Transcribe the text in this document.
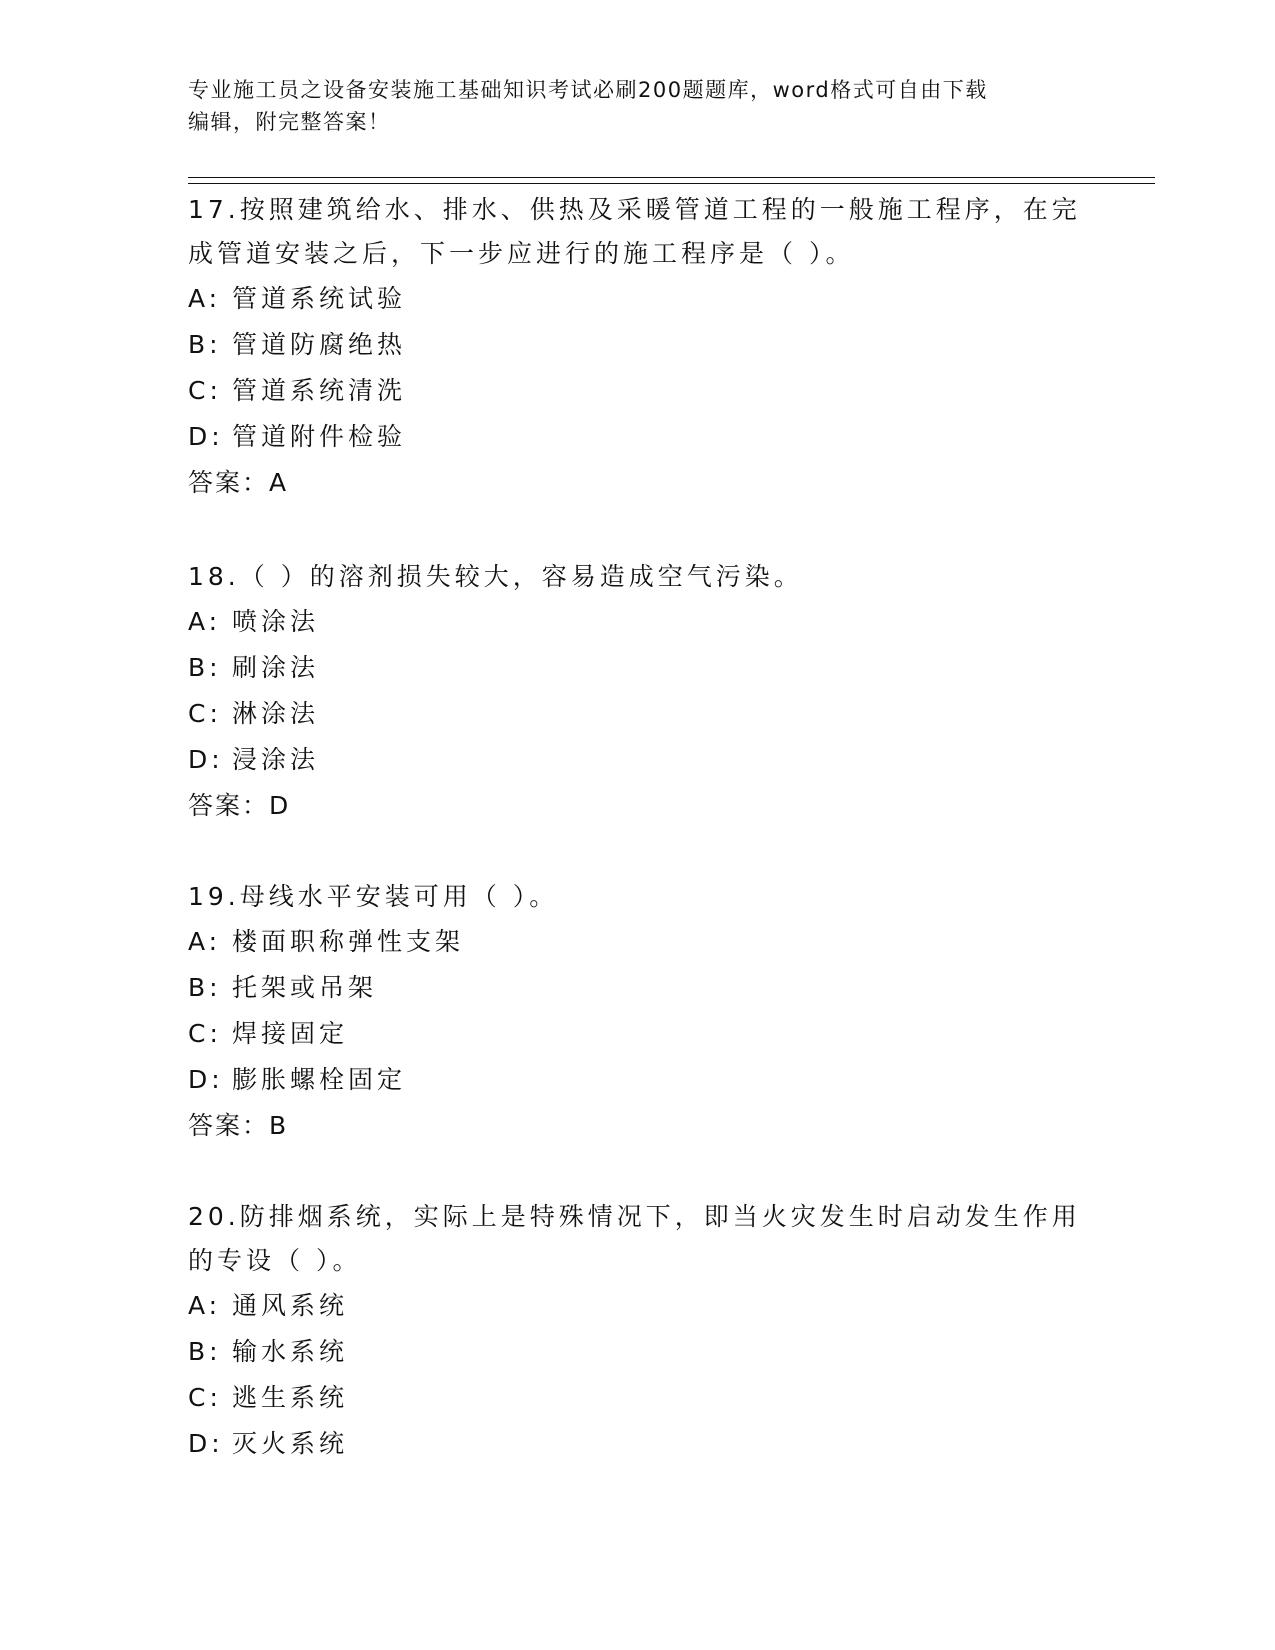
专业施工员之设备安装施工基础知识考试必刷200题题库，word格式可自由下载
编辑，附完整答案！

17.按照建筑给水、排水、供热及采暖管道工程的一般施工程序，在完

成管道安装之后，下一步应进行的施工程序是（ ）。

A: 管道系统试验

B: 管道防腐绝热

C: 管道系统清洗

D: 管道附件检验

答案：A

18.（ ）的溶剂损失较大，容易造成空气污染。

A: 喷涂法

B: 刷涂法

C: 淋涂法

D: 浸涂法

答案：D

19.母线水平安装可用（ ）。

A: 楼面职称弹性支架

B: 托架或吊架

C: 焊接固定

D: 膨胀螺栓固定

答案：B

20.防排烟系统，实际上是特殊情况下，即当火灾发生时启动发生作用

的专设（ ）。

A: 通风系统

B: 输水系统

C: 逃生系统

D: 灭火系统
